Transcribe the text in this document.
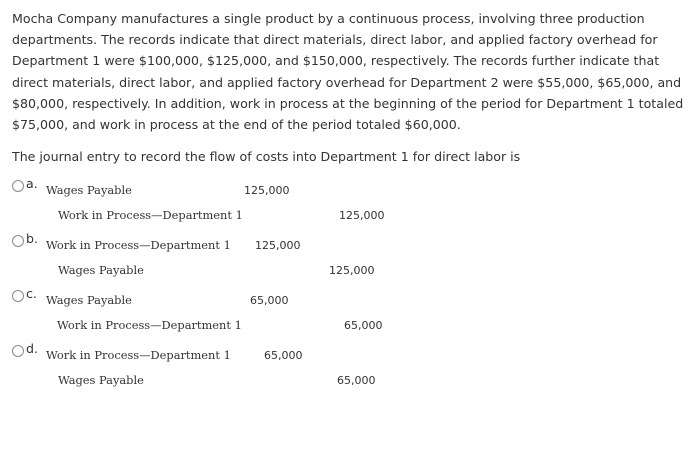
Mocha Company manufactures a single product by a continuous process, involving three production departments. The records indicate that direct materials, direct labor, and applied factory overhead for Department 1 were $100,000, $125,000, and $150,000, respectively. The records further indicate that direct materials, direct labor, and applied factory overhead for Department 2 were $55,000, $65,000, and $80,000, respectively. In addition, work in process at the beginning of the period for Department 1 totaled $75,000, and work in process at the end of the period totaled $60,000.

The journal entry to record the flow of costs into Department 1 for direct labor is

a. Wages Payable	125,000
Work in Process—Department 1	125,000
b. Work in Process—Department 1 125,000
Wages Payable	125,000
c. Wages Payable	65,000
Work in Process—Department 1	65,000
d. Work in Process—Department 1	65,000
Wages Payable	65,000
